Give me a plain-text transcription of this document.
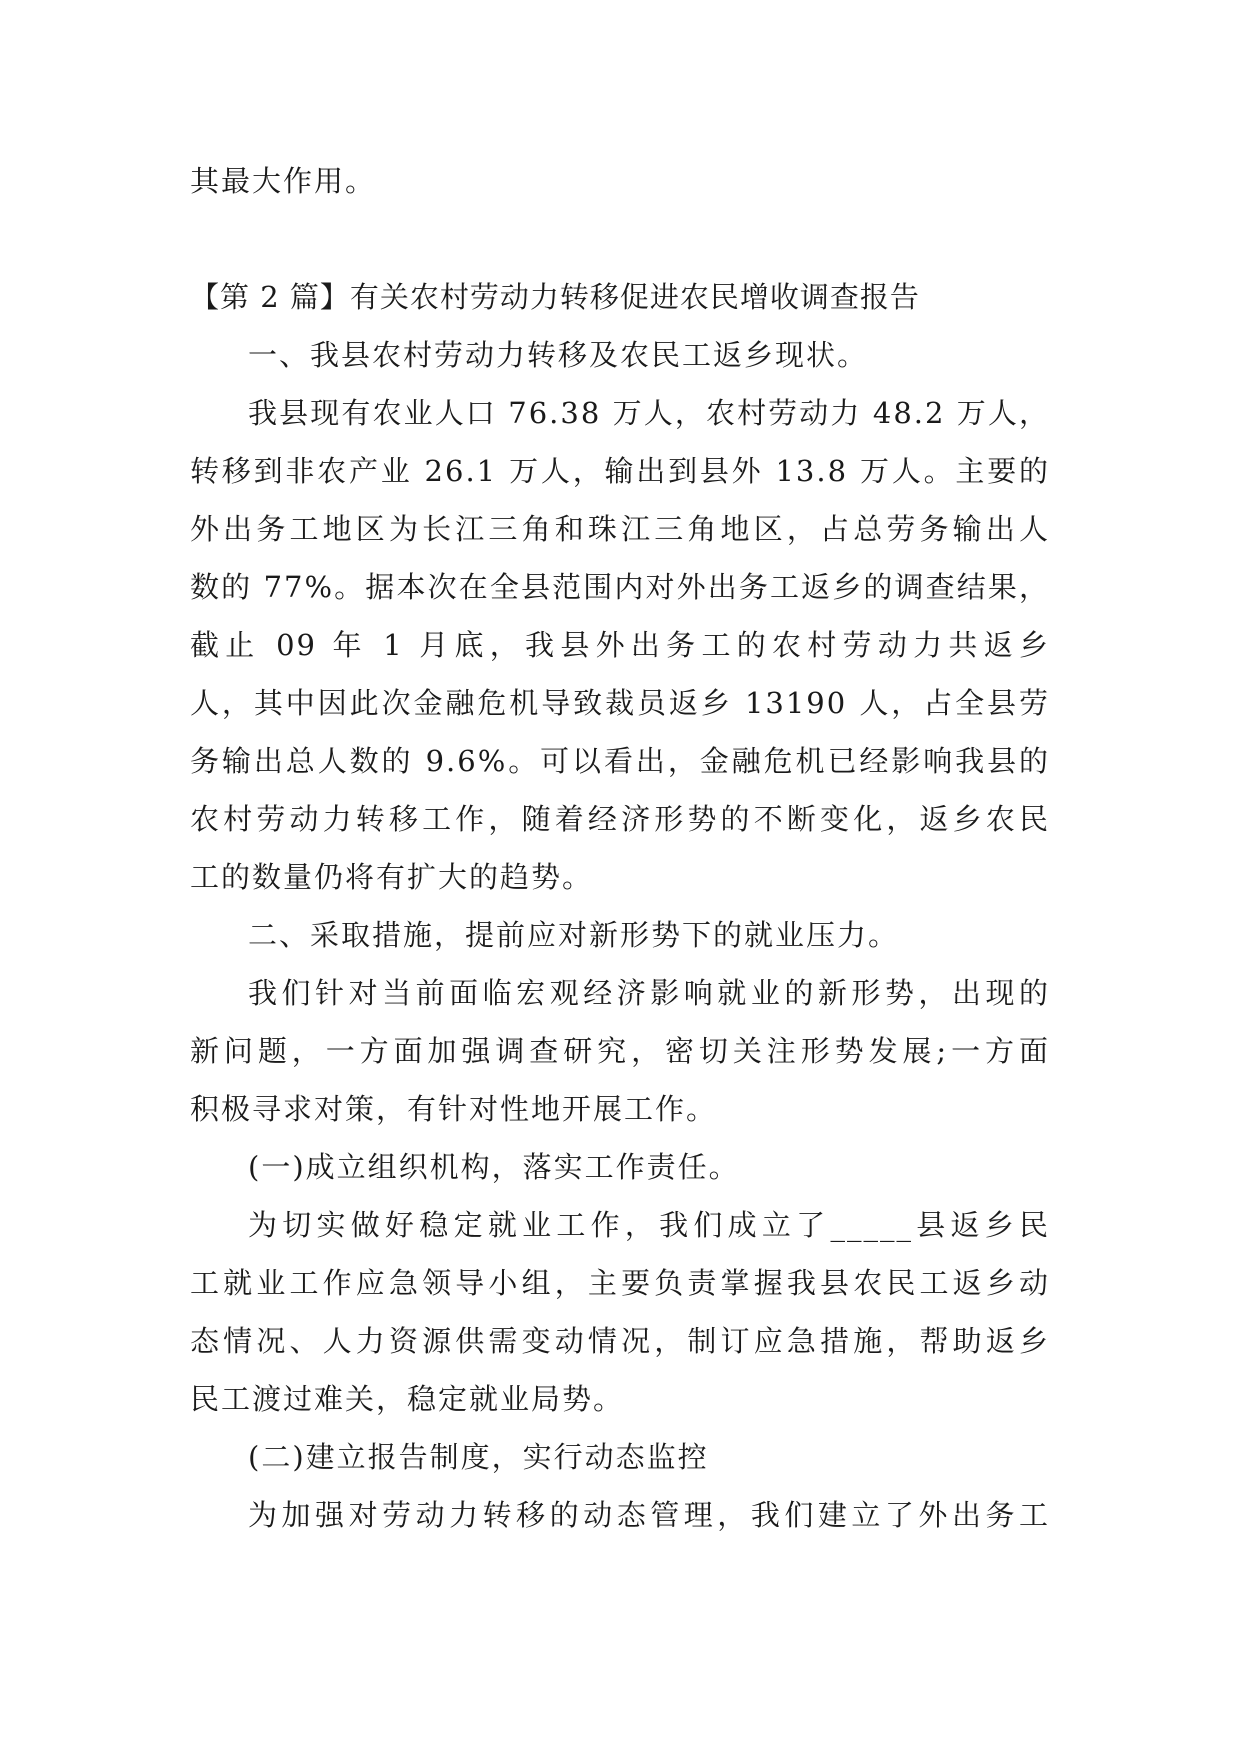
其最大作用。
【第 2 篇】有关农村劳动力转移促进农民增收调查报告
一、我县农村劳动力转移及农民工返乡现状。
我县现有农业人口 76.38 万人，农村劳动力 48.2 万人，
转移到非农产业 26.1 万人，输出到县外 13.8 万人。主要的
外出务工地区为长江三角和珠江三角地区，占总劳务输出人
数的 77%。据本次在全县范围内对外出务工返乡的调查结果，
截止 09 年 1 月底，我县外出务工的农村劳动力共返乡
人，其中因此次金融危机导致裁员返乡 13190 人，占全县劳
务输出总人数的 9.6%。可以看出，金融危机已经影响我县的
农村劳动力转移工作，随着经济形势的不断变化，返乡农民
工的数量仍将有扩大的趋势。
二、采取措施，提前应对新形势下的就业压力。
我们针对当前面临宏观经济影响就业的新形势，出现的
新问题，一方面加强调查研究，密切关注形势发展;一方面
积极寻求对策，有针对性地开展工作。
(一)成立组织机构，落实工作责任。
为切实做好稳定就业工作，我们成立了_____县返乡民
工就业工作应急领导小组，主要负责掌握我县农民工返乡动
态情况、人力资源供需变动情况，制订应急措施，帮助返乡
民工渡过难关，稳定就业局势。
(二)建立报告制度，实行动态监控
为加强对劳动力转移的动态管理，我们建立了外出务工
